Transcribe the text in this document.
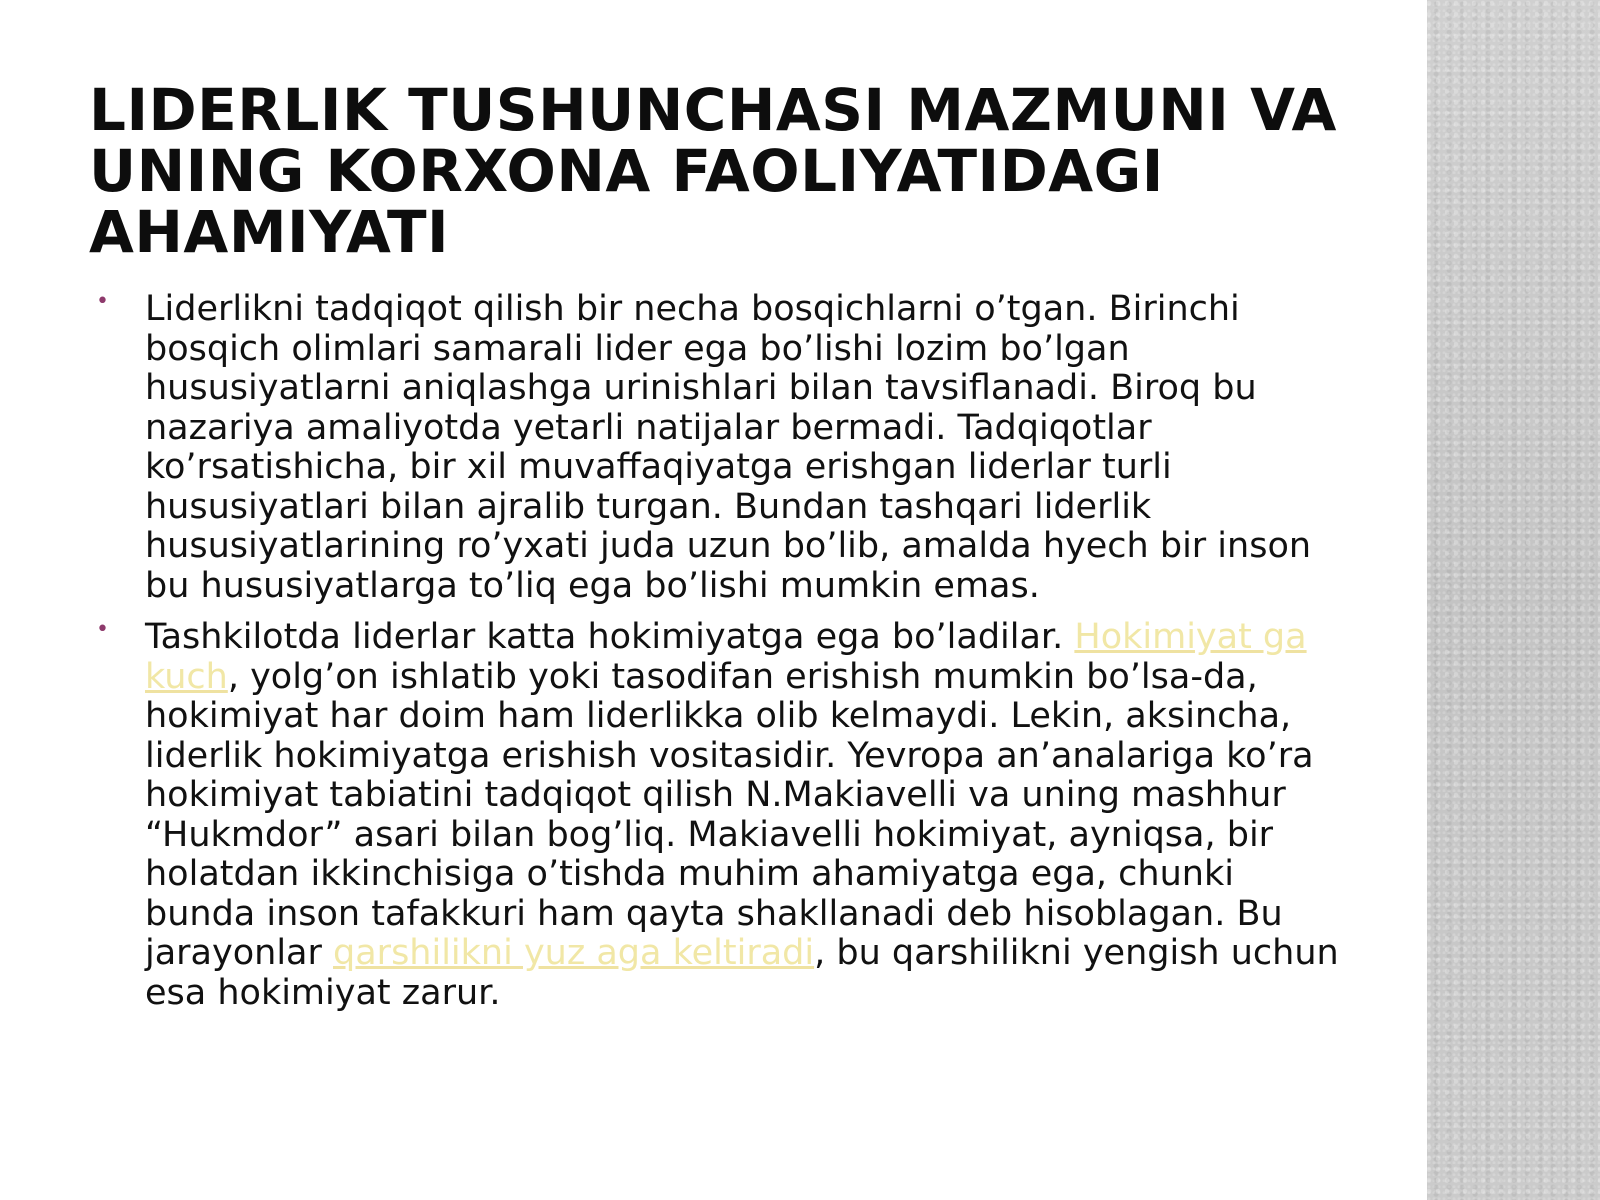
LIDERLIK TUSHUNCHASI MAZMUNI VA
UNING KORXONA FAOLIYATIDAGI
AHAMIYATI
• Liderlikni tadqiqot qilish bir necha bosqichlarni o’tgan. Birinchi bosqich olimlari samarali lider ega bo’lishi lozim bo’lgan hususiyatlarni aniqlashga urinishlari bilan tavsiflanadi. Biroq bu nazariya amaliyotda yetarli natijalar bermadi. Tadqiqotlar ko’rsatishicha, bir xil muvaffaqiyatga erishgan liderlar turli hususiyatlari bilan ajralib turgan. Bundan tashqari liderlik hususiyatlarining ro’yxati juda uzun bo’lib, amalda hyech bir inson bu hususiyatlarga to’liq ega bo’lishi mumkin emas.
• Tashkilotda liderlar katta hokimiyatga ega bo’ladilar. Hokimiyat ga kuch, yolg’on ishlatib yoki tasodifan erishish mumkin bo’lsa-da, hokimiyat har doim ham liderlikka olib kelmaydi. Lekin, aksincha, liderlik hokimiyatga erishish vositasidir. Yevropa an’analariga ko’ra hokimiyat tabiatini tadqiqot qilish N.Makiavelli va uning mashhur “Hukmdor” asari bilan bog’liq. Makiavelli hokimiyat, ayniqsa, bir holatdan ikkinchisiga o’tishda muhim ahamiyatga ega, chunki bunda inson tafakkuri ham qayta shakllanadi deb hisoblagan. Bu jarayonlar qarshilikni yuz aga keltiradi, bu qarshilikni yengish uchun esa hokimiyat zarur.
